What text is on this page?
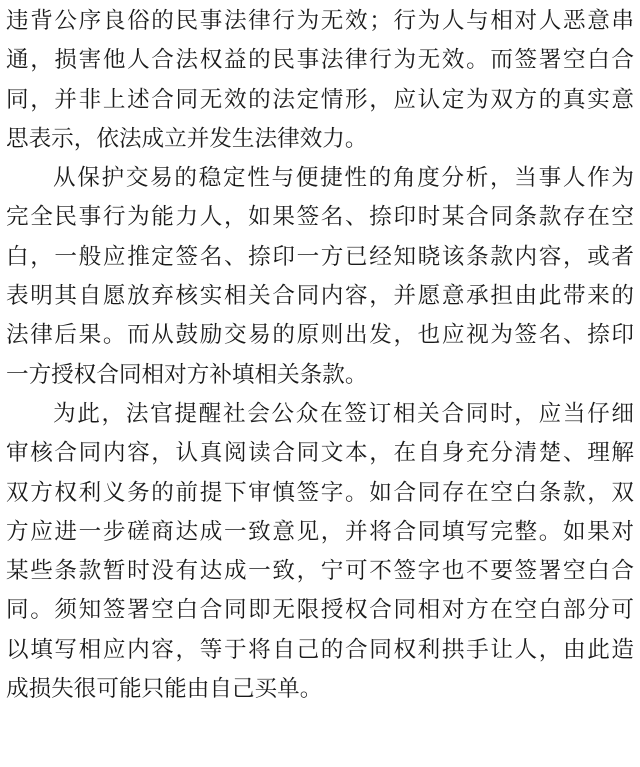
违背公序良俗的民事法律行为无效；行为人与相对人恶意串
通，损害他人合法权益的民事法律行为无效。而签署空白合
同，并非上述合同无效的法定情形，应认定为双方的真实意
思表示，依法成立并发生法律效力。
从保护交易的稳定性与便捷性的角度分析，当事人作为
完全民事行为能力人，如果签名、捺印时某合同条款存在空
白，一般应推定签名、捺印一方已经知晓该条款内容，或者
表明其自愿放弃核实相关合同内容，并愿意承担由此带来的
法律后果。而从鼓励交易的原则出发，也应视为签名、捺印
一方授权合同相对方补填相关条款。
为此，法官提醒社会公众在签订相关合同时，应当仔细
审核合同内容，认真阅读合同文本，在自身充分清楚、理解
双方权利义务的前提下审慎签字。如合同存在空白条款，双
方应进一步磋商达成一致意见，并将合同填写完整。如果对
某些条款暂时没有达成一致，宁可不签字也不要签署空白合
同。须知签署空白合同即无限授权合同相对方在空白部分可
以填写相应内容，等于将自己的合同权利拱手让人，由此造
成损失很可能只能由自己买单。
